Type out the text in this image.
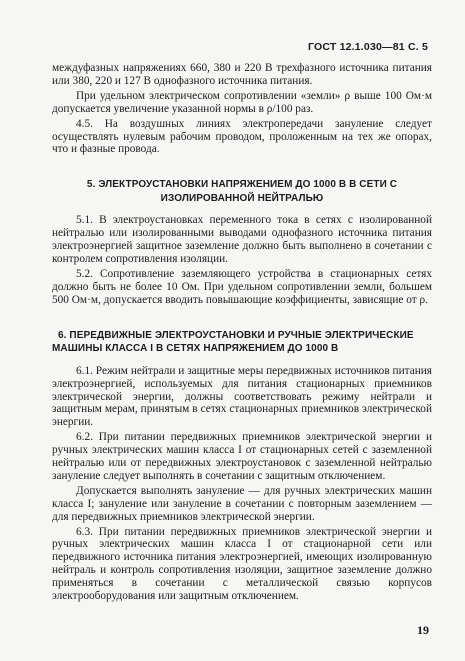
ГОСТ 12.1.030—81 С. 5

междуфазных напряжениях 660, 380 и 220 В трехфазного источника питания или 380, 220 и 127 В однофазного источника питания.

При удельном электрическом сопротивлении «земли» ρ выше 100 Ом·м допускается увеличение указанной нормы в ρ/100 раз.

4.5. На воздушных линиях электропередачи зануление следует осуществлять нулевым рабочим проводом, проложенным на тех же опорах, что и фазные провода.

5. ЭЛЕКТРОУСТАНОВКИ НАПРЯЖЕНИЕМ ДО 1000 В В СЕТИ С ИЗОЛИРОВАННОЙ НЕЙТРАЛЬЮ

5.1. В электроустановках переменного тока в сетях с изолированной нейтралью или изолированными выводами однофазного источника питания электроэнергией защитное заземление должно быть выполнено в сочетании с контролем сопротивления изоляции.

5.2. Сопротивление заземляющего устройства в стационарных сетях должно быть не более 10 Ом. При удельном сопротивлении земли, большем 500 Ом·м, допускается вводить повышающие коэффициенты, зависящие от ρ.

6. ПЕРЕДВИЖНЫЕ ЭЛЕКТРОУСТАНОВКИ И РУЧНЫЕ ЭЛЕКТРИЧЕСКИЕ МАШИНЫ КЛАССА I В СЕТЯХ НАПРЯЖЕНИЕМ ДО 1000 В

6.1. Режим нейтрали и защитные меры передвижных источников питания электроэнергией, используемых для питания стационарных приемников электрической энергии, должны соответствовать режиму нейтрали и защитным мерам, принятым в сетях стационарных приемников электрической энергии.

6.2. При питании передвижных приемников электрической энергии и ручных электрических машин класса I от стационарных сетей с заземленной нейтралью или от передвижных электроустановок с заземленной нейтралью зануление следует выполнять в сочетании с защитным отключением.

Допускается выполнять зануление — для ручных электрических машин класса I; зануление или зануление в сочетании с повторным заземлением — для передвижных приемников электрической энергии.

6.3. При питании передвижных приемников электрической энергии и ручных электрических машин класса I от стационарной сети или передвижного источника питания электроэнергией, имеющих изолированную нейтраль и контроль сопротивления изоляции, защитное заземление должно применяться в сочетании с металлической связью корпусов электрооборудования или защитным отключением.

19
